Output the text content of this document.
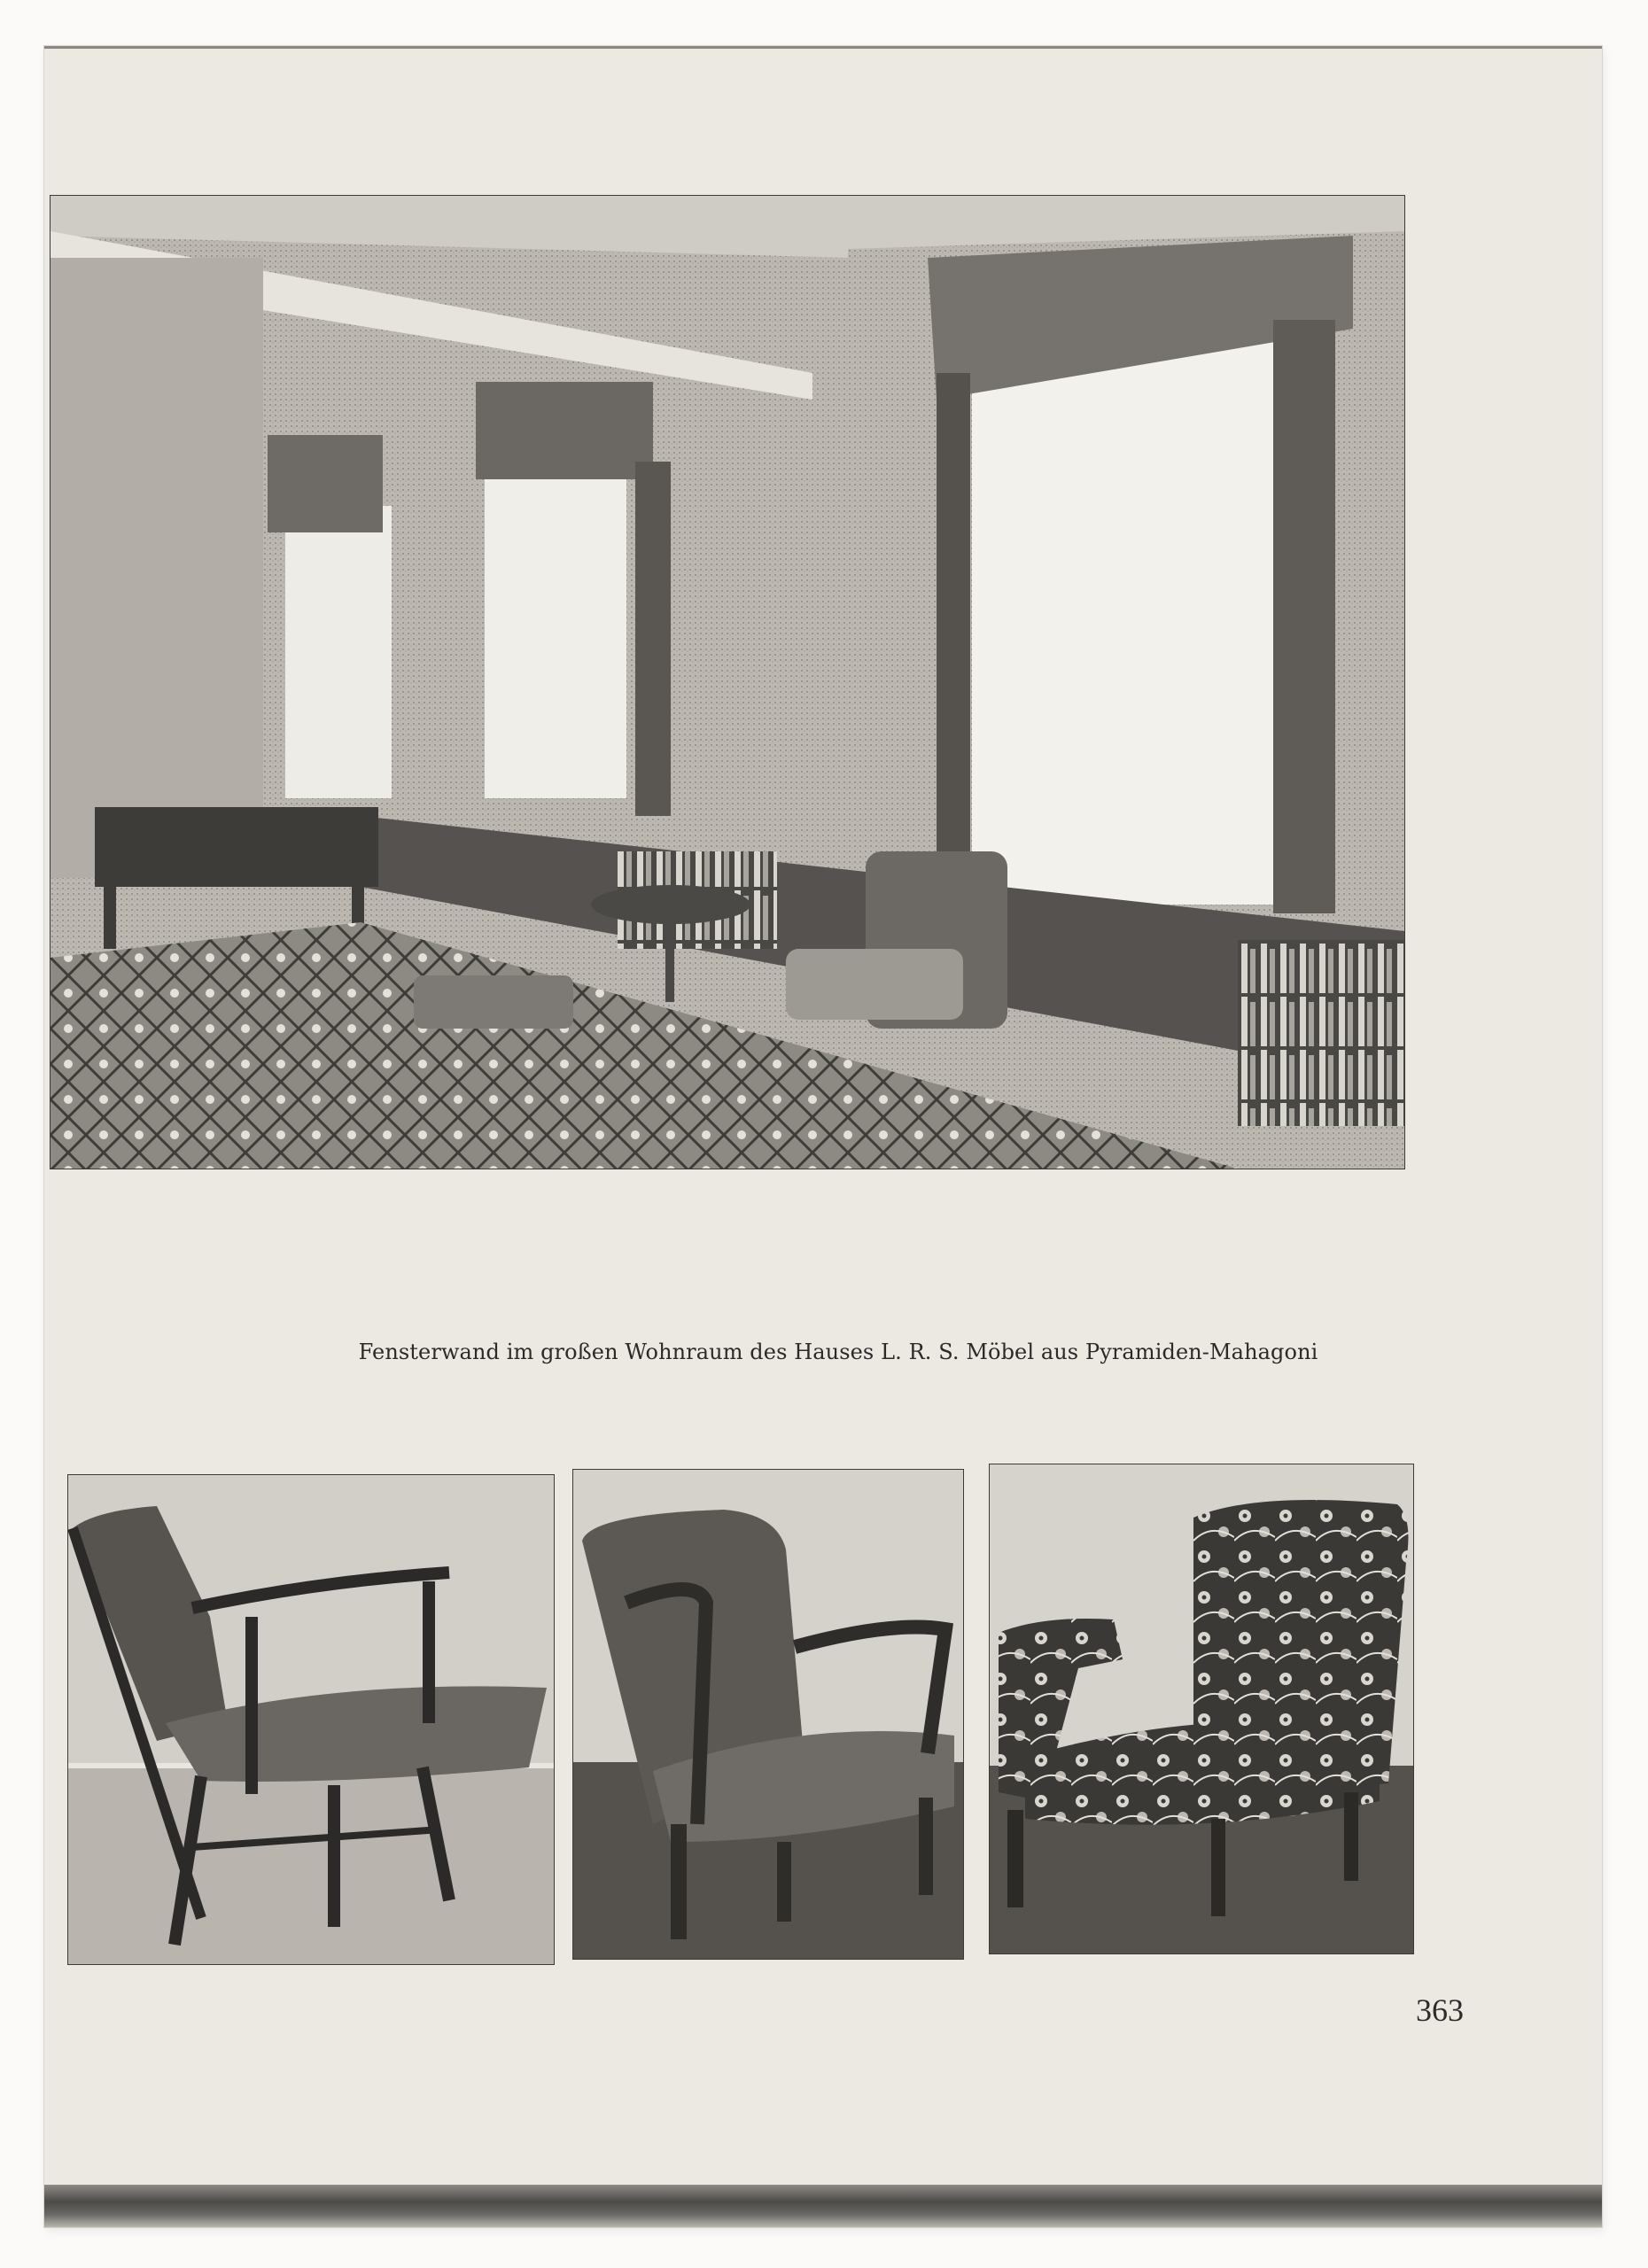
Fensterwand im großen Wohnraum des Hauses L. R. S. Möbel aus Pyramiden-Mahagoni
363
